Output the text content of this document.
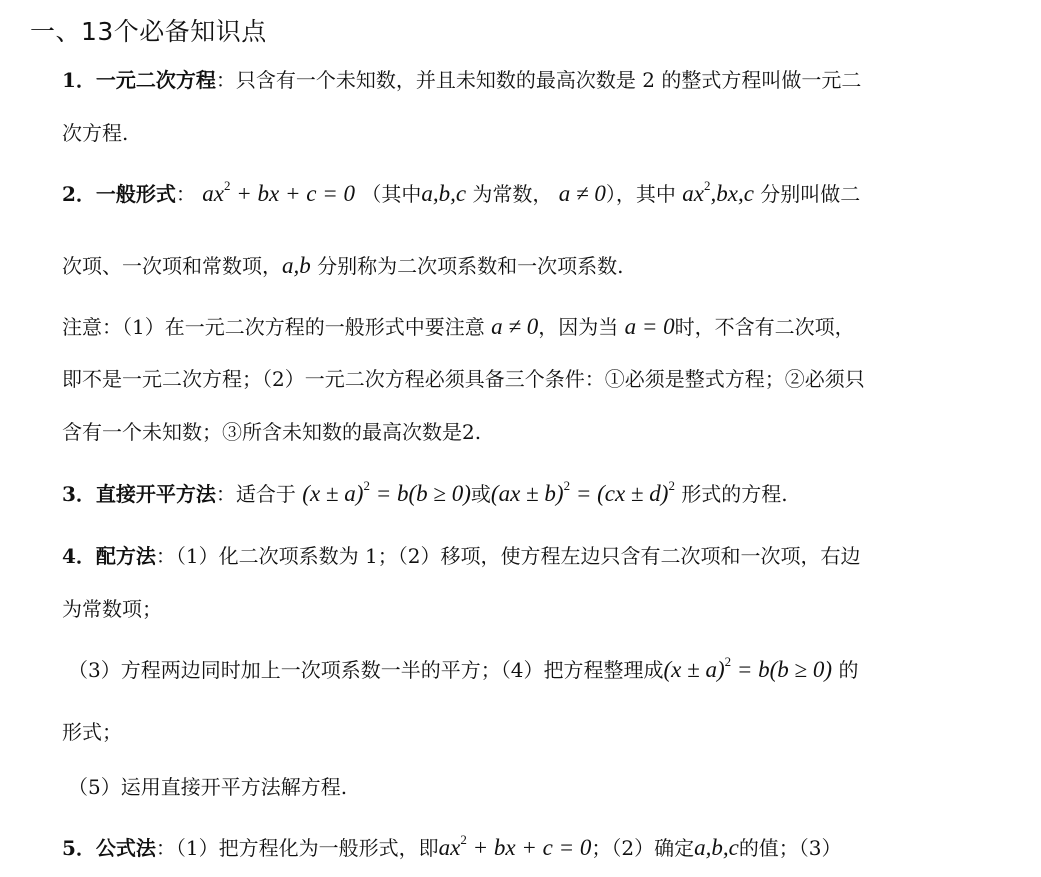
一、13个必备知识点
1．一元二次方程：只含有一个未知数，并且未知数的最高次数是 2 的整式方程叫做一元二
次方程.
2．一般形式： $ax^2$ + bx + c = 0 （其中a,b,c 为常数， a ≠ 0），其中 $ax^2,bx,c$ 分别叫做二
次项、一次项和常数项，a,b 分别称为二次项系数和一次项系数.
注意：（1）在一元二次方程的一般形式中要注意 a ≠ 0，因为当 a = 0时，不含有二次项，
即不是一元二次方程；（2）一元二次方程必须具备三个条件：①必须是整式方程；②必须只
含有一个未知数；③所含未知数的最高次数是2.
3．直接开平方法：适合于 $(x \pm a)^2 = b(b \ge 0)$或(ax ± b)$^2$ = (cx ± d)$^2$ 形式的方程.
4．配方法：（1）化二次项系数为 1；（2）移项，使方程左边只含有二次项和一次项，右边
为常数项；
（3）方程两边同时加上一次项系数一半的平方；（4）把方程整理成$(x \pm a)^2 = b(b \ge 0)$ 的
形式；
（5）运用直接开平方法解方程.
5．公式法：（1）把方程化为一般形式，即$ax^2$ + bx + c = 0；（2）确定a,b,c的值；（3）
